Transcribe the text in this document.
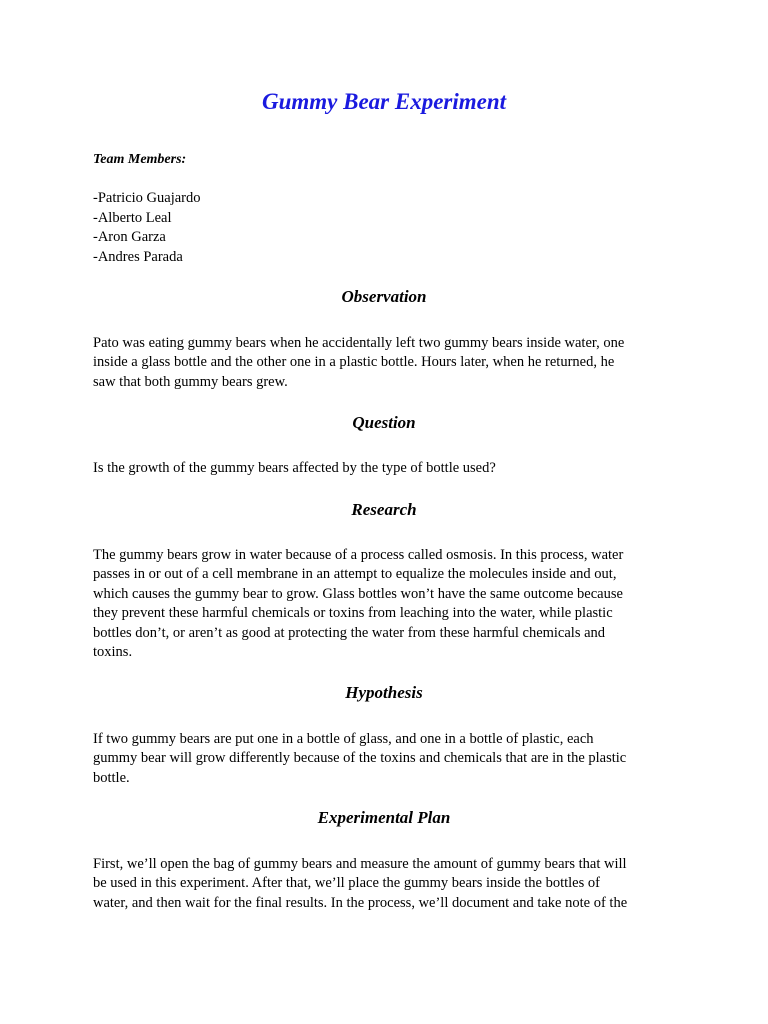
Gummy Bear Experiment

Team Members:

-Patricio Guajardo
-Alberto Leal
-Aron Garza
-Andres Parada
Observation

Pato was eating gummy bears when he accidentally left two gummy bears inside water, one
inside a glass bottle and the other one in a plastic bottle. Hours later, when he returned, he
saw that both gummy bears grew.

Question

Is the growth of the gummy bears affected by the type of bottle used?

Research

The gummy bears grow in water because of a process called osmosis. In this process, water
passes in or out of a cell membrane in an attempt to equalize the molecules inside and out,
which causes the gummy bear to grow. Glass bottles won’t have the same outcome because
they prevent these harmful chemicals or toxins from leaching into the water, while plastic
bottles don’t, or aren’t as good at protecting the water from these harmful chemicals and
toxins.

Hypothesis

If two gummy bears are put one in a bottle of glass, and one in a bottle of plastic, each
gummy bear will grow differently because of the toxins and chemicals that are in the plastic
bottle.

Experimental Plan

First, we’ll open the bag of gummy bears and measure the amount of gummy bears that will
be used in this experiment. After that, we’ll place the gummy bears inside the bottles of
water, and then wait for the final results. In the process, we’ll document and take note of the
